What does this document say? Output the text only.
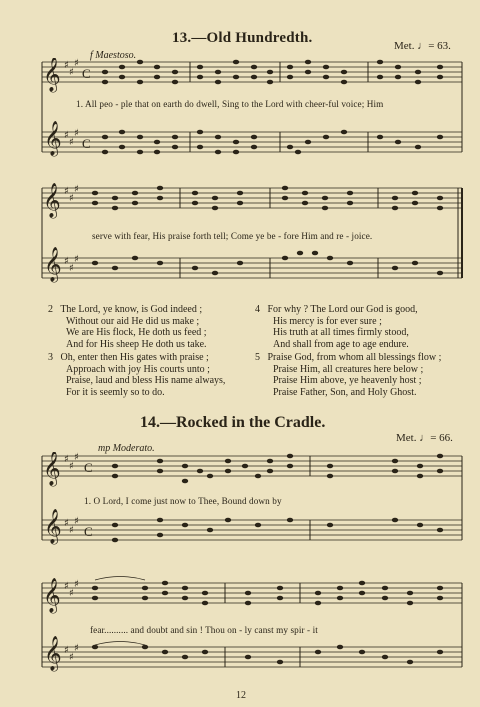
13.—Old Hundredth.	Met. ♩= 63.
f Maestoso.
𝄞
𝄞
♯
♯
♯
♯
♯
♯
C
C
1. All peo - ple that on earth do dwell, Sing to the Lord with cheer-ful voice; Him
𝄞
𝄞
♯
♯
♯
♯
♯
♯
serve with fear, His praise forth tell; Come ye be - fore Him and re - joice.
2 The Lord, ye know, is God indeed ;
Without our aid He did us make ;
We are His flock, He doth us feed ;
And for His sheep He doth us take.
3 Oh, enter then His gates with praise ;
Approach with joy His courts unto ;
Praise, laud and bless His name always,
For it is seemly so to do.
4 For why ? The Lord our God is good,
His mercy is for ever sure ;
His truth at all times firmly stood,
And shall from age to age endure.
5 Praise God, from whom all blessings flow ;
Praise Him, all creatures here below ;
Praise Him above, ye heavenly host ;
Praise Father, Son, and Holy Ghost.
14.—Rocked in the Cradle.
Met. ♩= 66.
mp Moderato.
𝄞
𝄞
♯
♯
♯
♯
♯
♯
C
C
1. O Lord, I come just now to Thee, Bound down by
𝄞
𝄞
♯
♯
♯
♯
♯
♯
fear.......... and doubt and sin ! Thou on - ly canst my spir - it
12
